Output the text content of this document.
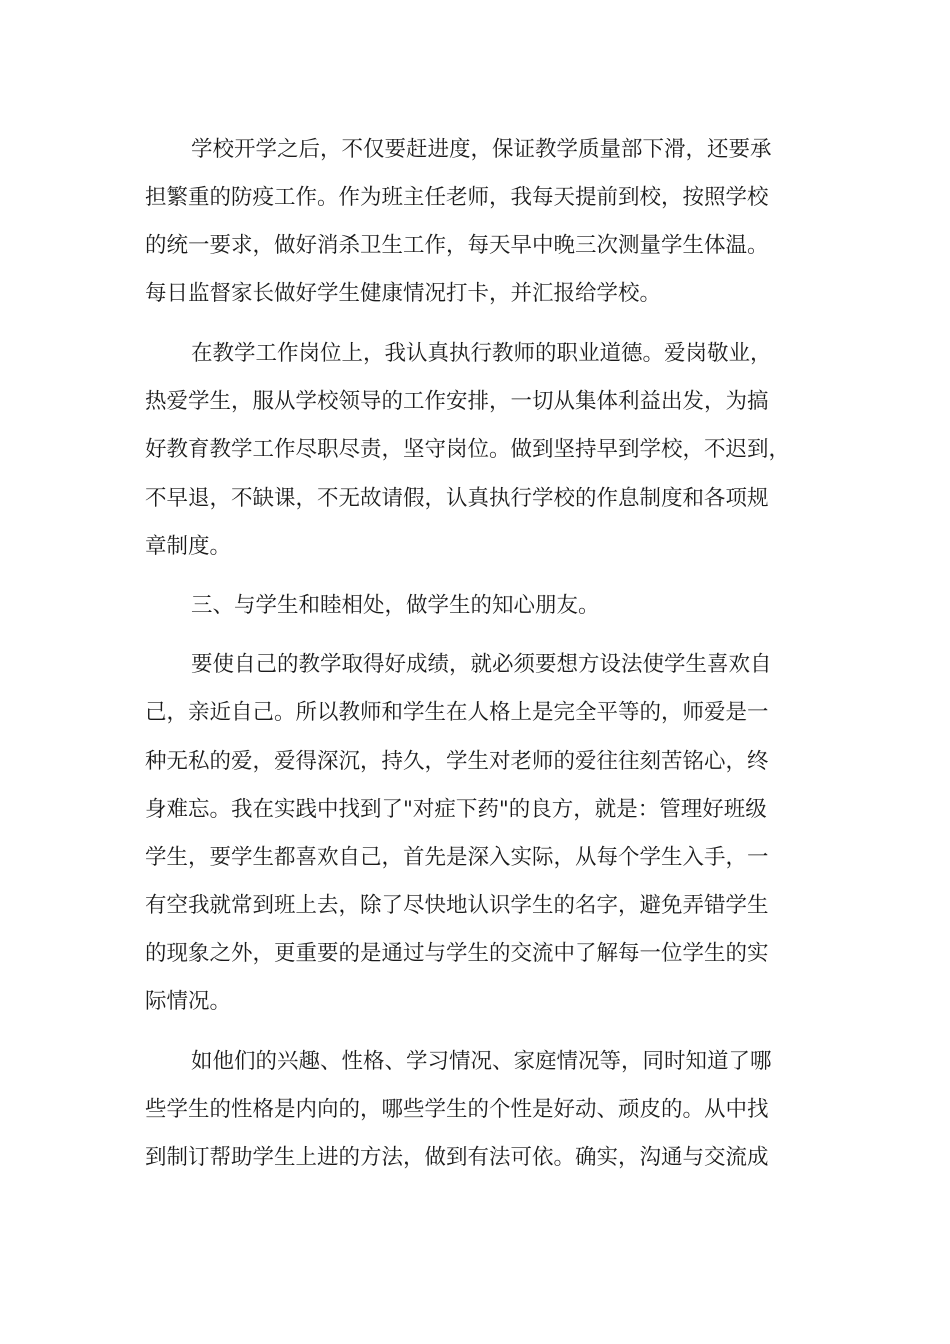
学校开学之后，不仅要赶进度，保证教学质量部下滑，还要承

担繁重的防疫工作。作为班主任老师，我每天提前到校，按照学校

的统一要求，做好消杀卫生工作，每天早中晚三次测量学生体温。

每日监督家长做好学生健康情况打卡，并汇报给学校。

在教学工作岗位上，我认真执行教师的职业道德。爱岗敬业，

热爱学生，服从学校领导的工作安排，一切从集体利益出发，为搞

好教育教学工作尽职尽责，坚守岗位。做到坚持早到学校，不迟到，

不早退，不缺课，不无故请假，认真执行学校的作息制度和各项规

章制度。

三、与学生和睦相处，做学生的知心朋友。

要使自己的教学取得好成绩，就必须要想方设法使学生喜欢自

己，亲近自己。所以教师和学生在人格上是完全平等的，师爱是一

种无私的爱，爱得深沉，持久，学生对老师的爱往往刻苦铭心，终

身难忘。我在实践中找到了"对症下药"的良方，就是：管理好班级

学生，要学生都喜欢自己，首先是深入实际，从每个学生入手，一

有空我就常到班上去，除了尽快地认识学生的名字，避免弄错学生

的现象之外，更重要的是通过与学生的交流中了解每一位学生的实

际情况。

如他们的兴趣、性格、学习情况、家庭情况等，同时知道了哪

些学生的性格是内向的，哪些学生的个性是好动、顽皮的。从中找

到制订帮助学生上进的方法，做到有法可依。确实，沟通与交流成
